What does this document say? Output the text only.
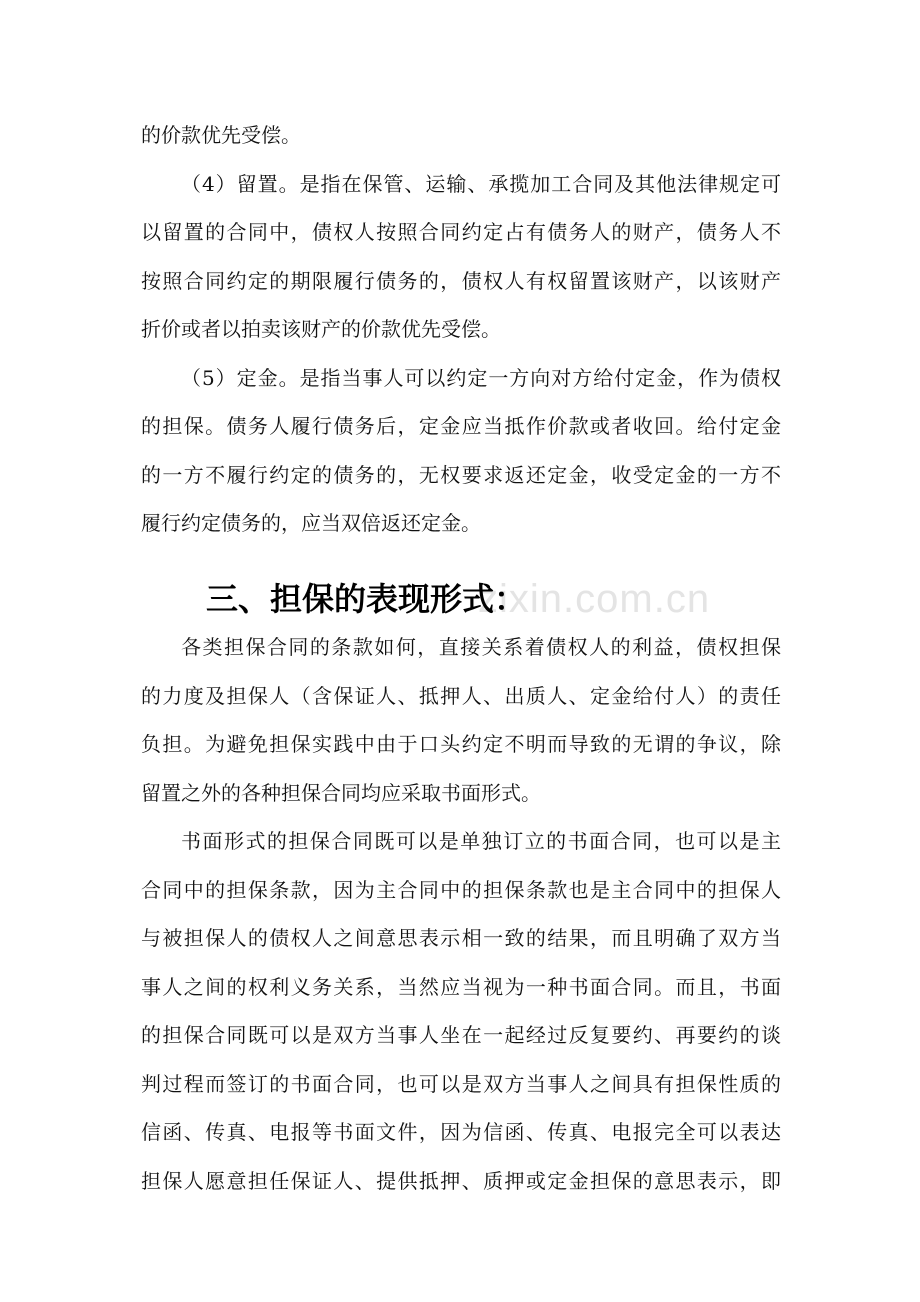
zixin.com.cn
的价款优先受偿。
（4）留置。是指在保管、运输、承揽加工合同及其他法律规定可
以留置的合同中，债权人按照合同约定占有债务人的财产，债务人不
按照合同约定的期限履行债务的，债权人有权留置该财产，以该财产
折价或者以拍卖该财产的价款优先受偿。
（5）定金。是指当事人可以约定一方向对方给付定金，作为债权
的担保。债务人履行债务后，定金应当抵作价款或者收回。给付定金
的一方不履行约定的债务的，无权要求返还定金，收受定金的一方不
履行约定债务的，应当双倍返还定金。
三、担保的表现形式：
各类担保合同的条款如何，直接关系着债权人的利益，债权担保
的力度及担保人（含保证人、抵押人、出质人、定金给付人）的责任
负担。为避免担保实践中由于口头约定不明而导致的无谓的争议，除
留置之外的各种担保合同均应采取书面形式。
书面形式的担保合同既可以是单独订立的书面合同，也可以是主
合同中的担保条款，因为主合同中的担保条款也是主合同中的担保人
与被担保人的债权人之间意思表示相一致的结果，而且明确了双方当
事人之间的权利义务关系，当然应当视为一种书面合同。而且，书面
的担保合同既可以是双方当事人坐在一起经过反复要约、再要约的谈
判过程而签订的书面合同，也可以是双方当事人之间具有担保性质的
信函、传真、电报等书面文件，因为信函、传真、电报完全可以表达
担保人愿意担任保证人、提供抵押、质押或定金担保的意思表示，即
